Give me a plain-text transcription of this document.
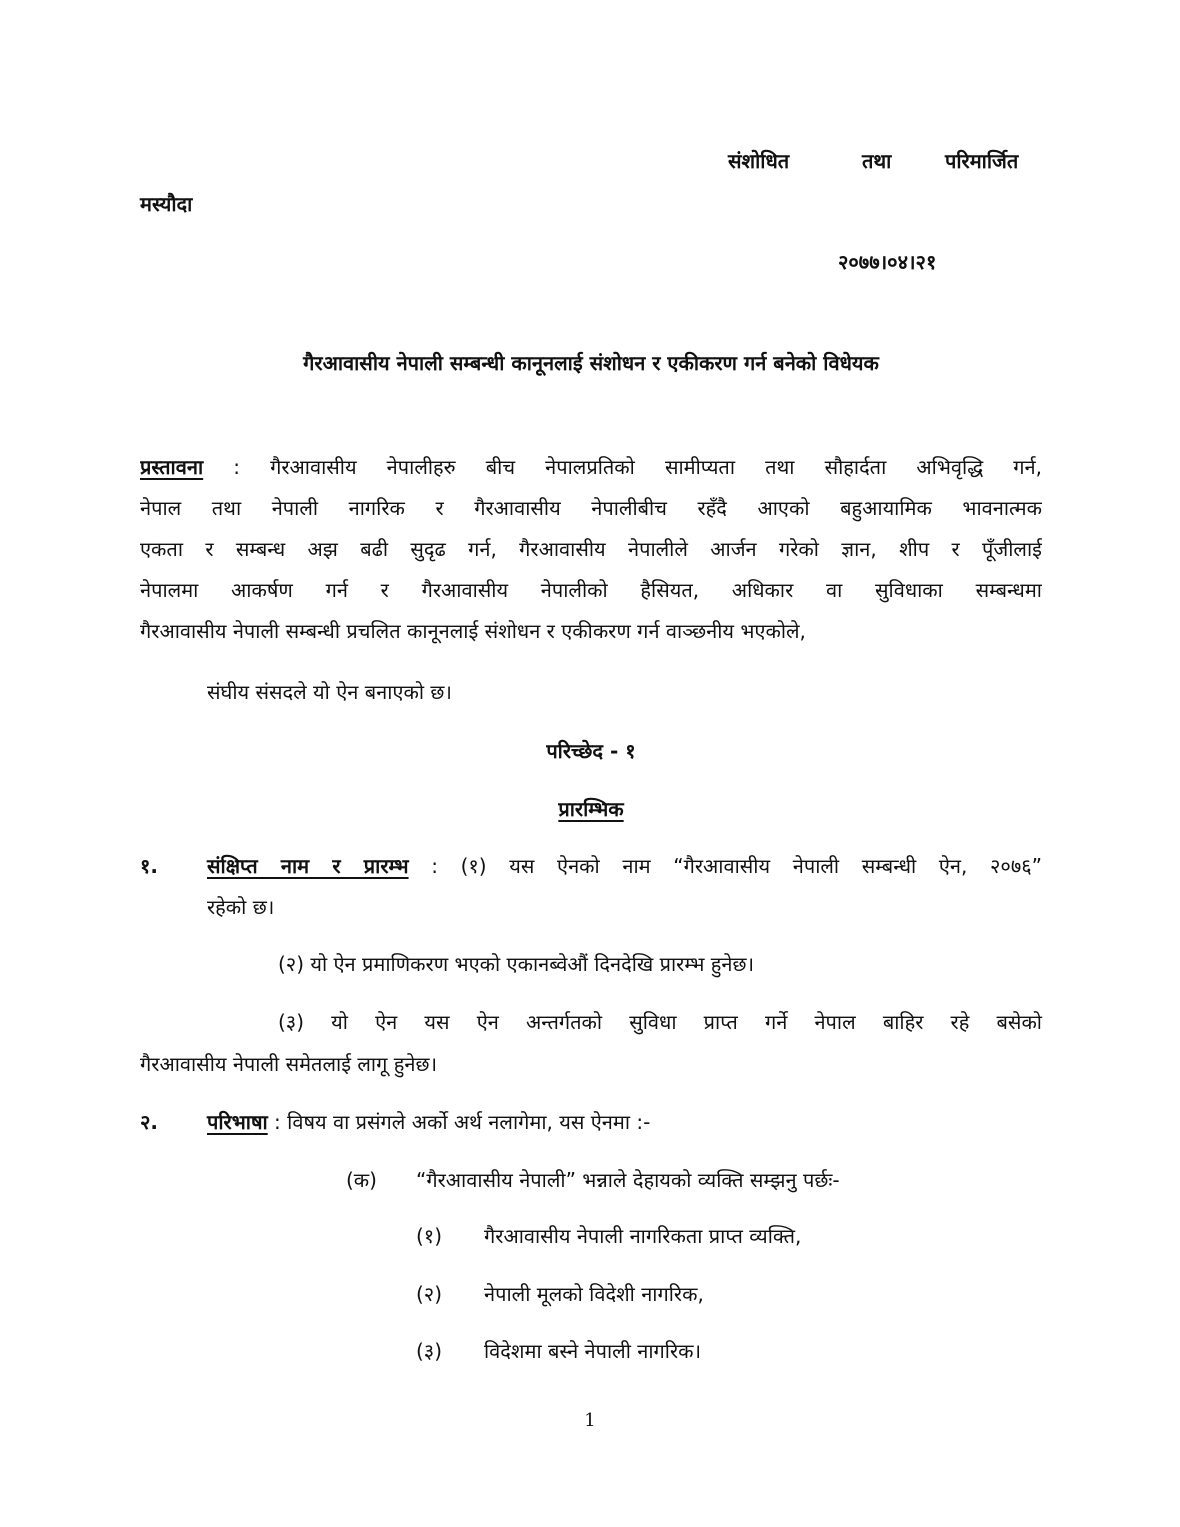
संशोधित	तथा	परिमार्जित
मस्यौदा
२०७७।०४।२१
गैरआवासीय नेपाली सम्बन्धी कानूनलाई संशोधन र एकीकरण गर्न बनेको विधेयक
प्रस्तावना : गैरआवासीय नेपालीहरु बीच नेपालप्रतिको सामीप्यता तथा सौहार्दता अभिवृद्धि गर्न,
नेपाल तथा नेपाली नागरिक र गैरआवासीय नेपालीबीच रहँदै आएको बहुआयामिक भावनात्मक
एकता र सम्बन्ध अझ बढी सुदृढ गर्न, गैरआवासीय नेपालीले आर्जन गरेको ज्ञान, शीप र पूँजीलाई
नेपालमा आकर्षण गर्न र गैरआवासीय नेपालीको हैसियत, अधिकार वा सुविधाका सम्बन्धमा
गैरआवासीय नेपाली सम्बन्धी प्रचलित कानूनलाई संशोधन र एकीकरण गर्न वाञ्छनीय भएकोले,
संघीय संसदले यो ऐन बनाएको छ।
परिच्छेद - १
प्रारम्भिक
१. संक्षिप्त नाम र प्रारम्भ : (१) यस ऐनको नाम “गैरआवासीय नेपाली सम्बन्धी ऐन, २०७६”
रहेको छ।
(२) यो ऐन प्रमाणिकरण भएको एकानब्वेऔं दिनदेखि प्रारम्भ हुनेछ।
(३) यो ऐन यस ऐन अन्तर्गतको सुविधा प्राप्त गर्ने नेपाल बाहिर रहे बसेको
गैरआवासीय नेपाली समेतलाई लागू हुनेछ।
२. परिभाषा : विषय वा प्रसंगले अर्को अर्थ नलागेमा, यस ऐनमा :-
(क) “गैरआवासीय नेपाली” भन्नाले देहायको व्यक्ति सम्झनु पर्छः-
(१) गैरआवासीय नेपाली नागरिकता प्राप्त व्यक्ति,
(२) नेपाली मूलको विदेशी नागरिक,
(३) विदेशमा बस्ने नेपाली नागरिक।
1
